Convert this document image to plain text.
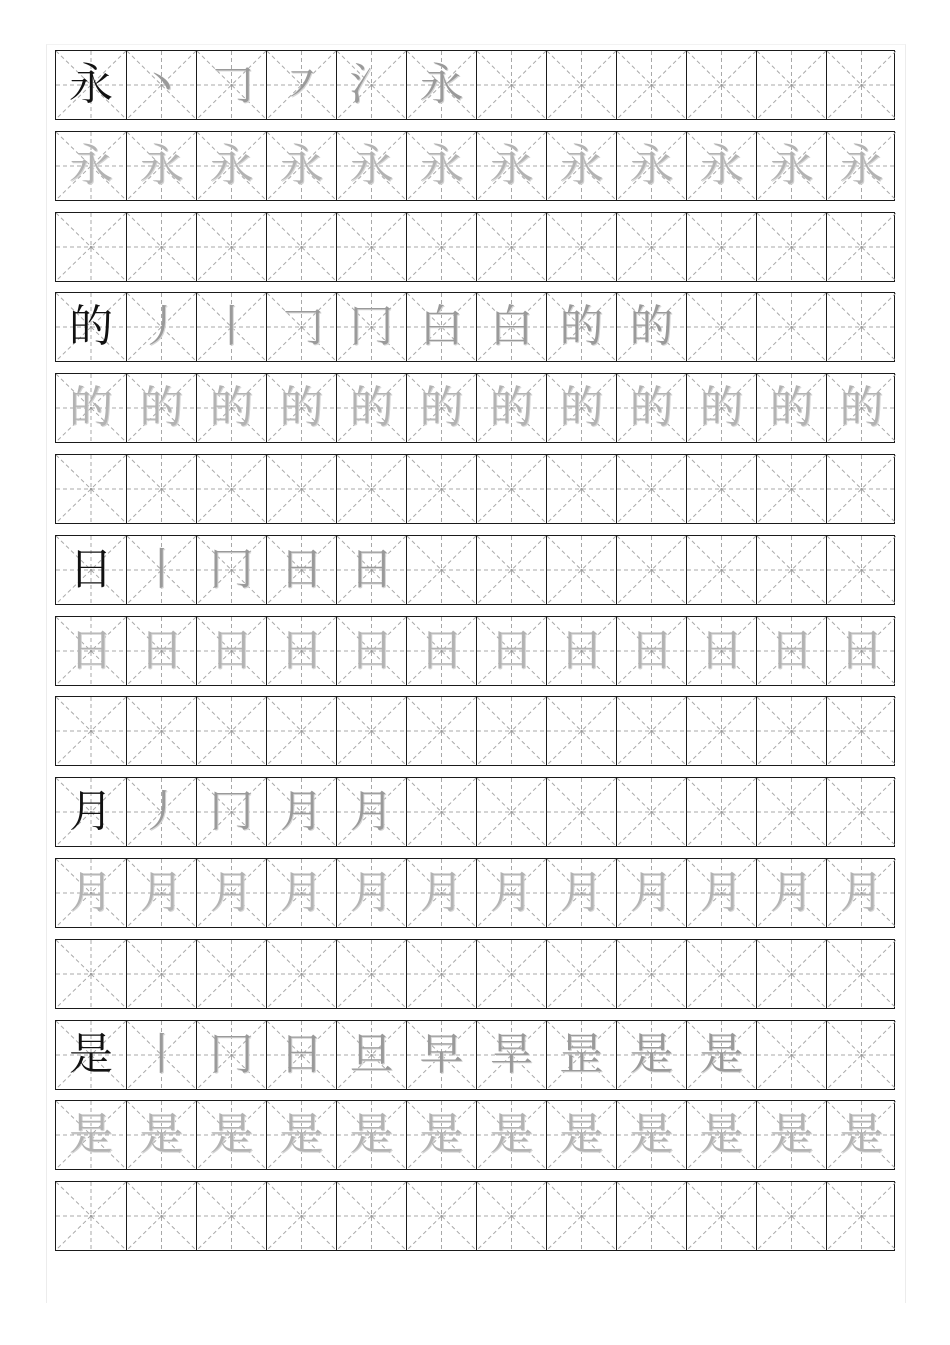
永 丶 𠃌 ㇇ 氵 永
永 永 永 永 永 永 永 永 永 永 永 永
的 丿 丨 𠃌 冂 白 白 的 的
的 的 的 的 的 的 的 的 的 的 的 的
日 丨 冂 日 日
日 日 日 日 日 日 日 日 日 日 日 日
月 丿 冂 月 月
月 月 月 月 月 月 月 月 月 月 月 月
是 丨 冂 日 旦 早 旱 昰 是 是
是 是 是 是 是 是 是 是 是 是 是 是
